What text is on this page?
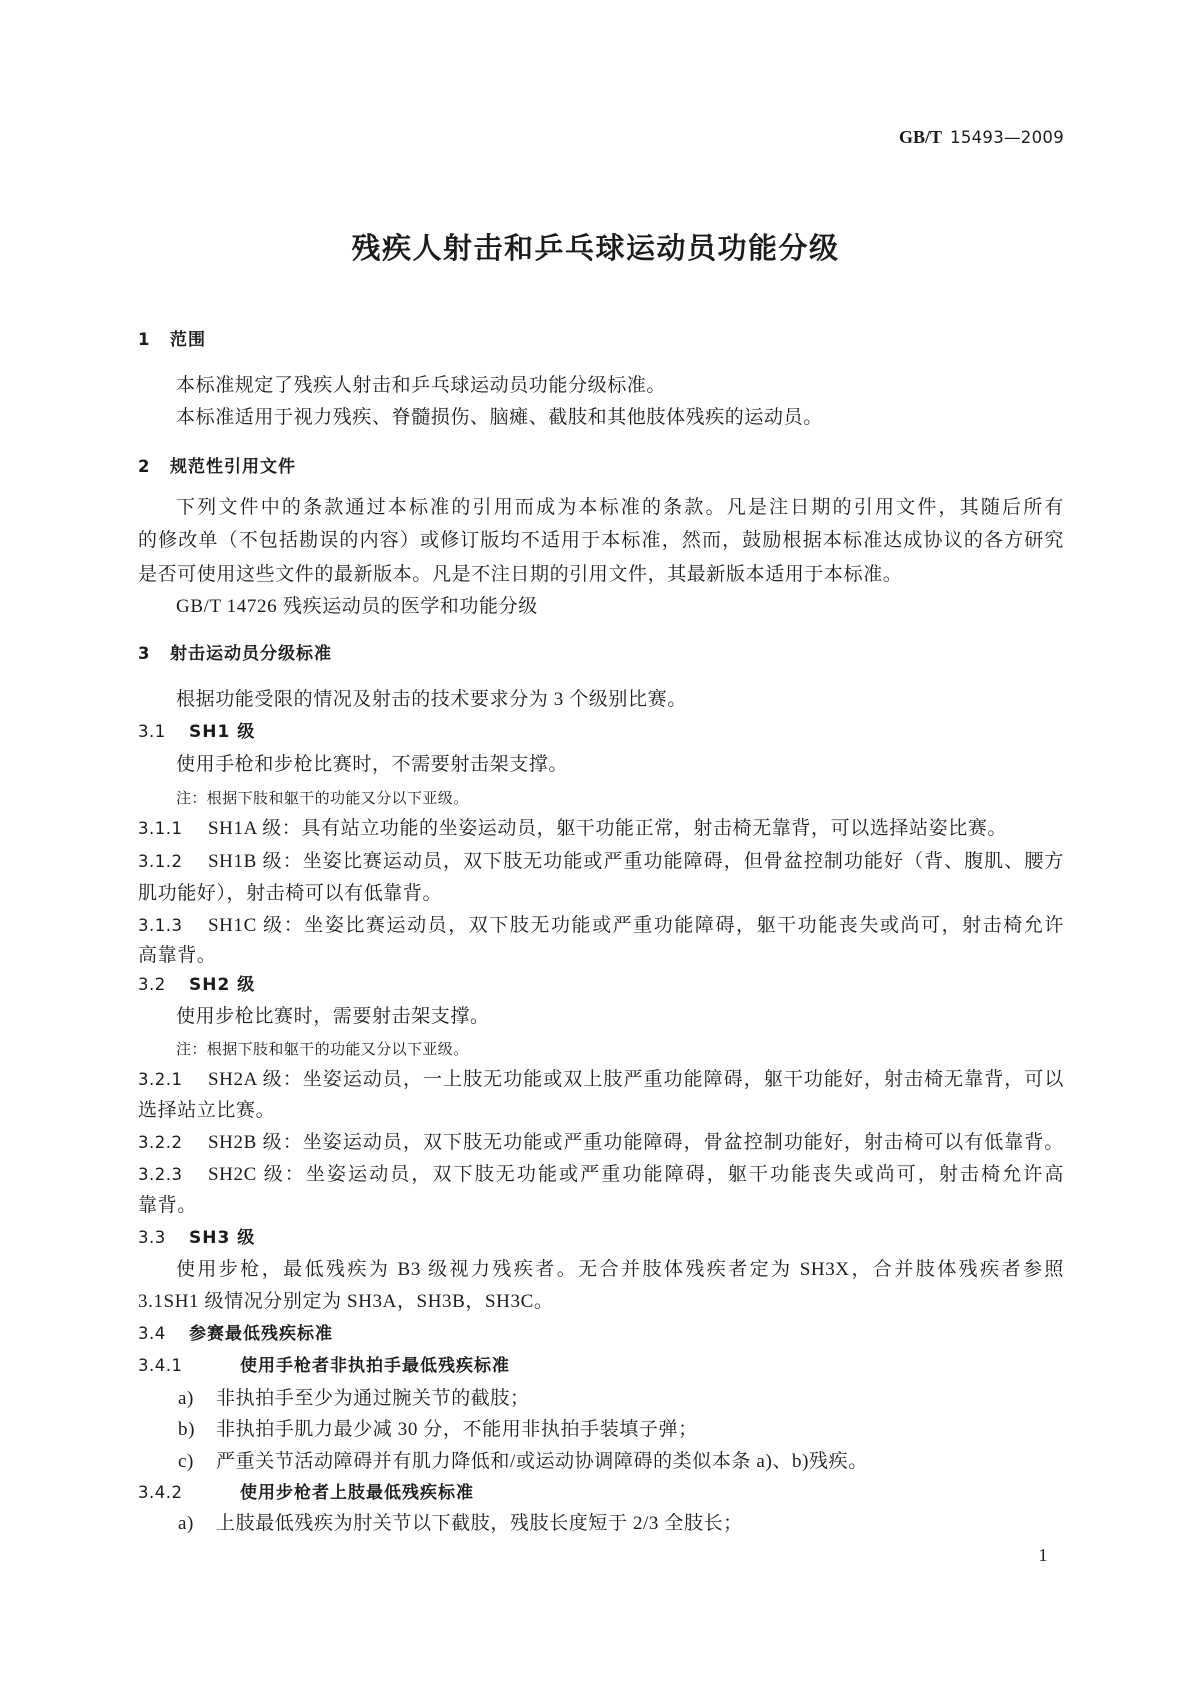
GB/T 15493—2009
残疾人射击和乒乓球运动员功能分级
1 范围
本标准规定了残疾人射击和乒乓球运动员功能分级标准。
本标准适用于视力残疾、脊髓损伤、脑瘫、截肢和其他肢体残疾的运动员。
2 规范性引用文件
下列文件中的条款通过本标准的引用而成为本标准的条款。凡是注日期的引用文件，其随后所有
的修改单（不包括勘误的内容）或修订版均不适用于本标准，然而，鼓励根据本标准达成协议的各方研究
是否可使用这些文件的最新版本。凡是不注日期的引用文件，其最新版本适用于本标准。
GB/T 14726 残疾运动员的医学和功能分级
3 射击运动员分级标准
根据功能受限的情况及射击的技术要求分为 3 个级别比赛。
3.1 SH1 级
使用手枪和步枪比赛时，不需要射击架支撑。
注：根据下肢和躯干的功能又分以下亚级。
3.1.1 SH1A 级：具有站立功能的坐姿运动员，躯干功能正常，射击椅无靠背，可以选择站姿比赛。
3.1.2 SH1B 级：坐姿比赛运动员，双下肢无功能或严重功能障碍，但骨盆控制功能好（背、腹肌、腰方
肌功能好），射击椅可以有低靠背。
3.1.3 SH1C 级：坐姿比赛运动员，双下肢无功能或严重功能障碍，躯干功能丧失或尚可，射击椅允许
高靠背。
3.2 SH2 级
使用步枪比赛时，需要射击架支撑。
注：根据下肢和躯干的功能又分以下亚级。
3.2.1 SH2A 级：坐姿运动员，一上肢无功能或双上肢严重功能障碍，躯干功能好，射击椅无靠背，可以
选择站立比赛。
3.2.2 SH2B 级：坐姿运动员，双下肢无功能或严重功能障碍，骨盆控制功能好，射击椅可以有低靠背。
3.2.3 SH2C 级：坐姿运动员，双下肢无功能或严重功能障碍，躯干功能丧失或尚可，射击椅允许高
靠背。
3.3 SH3 级
使用步枪，最低残疾为 B3 级视力残疾者。无合并肢体残疾者定为 SH3X，合并肢体残疾者参照
3.1SH1 级情况分别定为 SH3A，SH3B，SH3C。
3.4 参赛最低残疾标准
3.4.1	使用手枪者非执拍手最低残疾标准
a) 非执拍手至少为通过腕关节的截肢；
b) 非执拍手肌力最少减 30 分，不能用非执拍手装填子弹；
c) 严重关节活动障碍并有肌力降低和/或运动协调障碍的类似本条 a)、b)残疾。
3.4.2	使用步枪者上肢最低残疾标准
a) 上肢最低残疾为肘关节以下截肢，残肢长度短于 2/3 全肢长；
1
